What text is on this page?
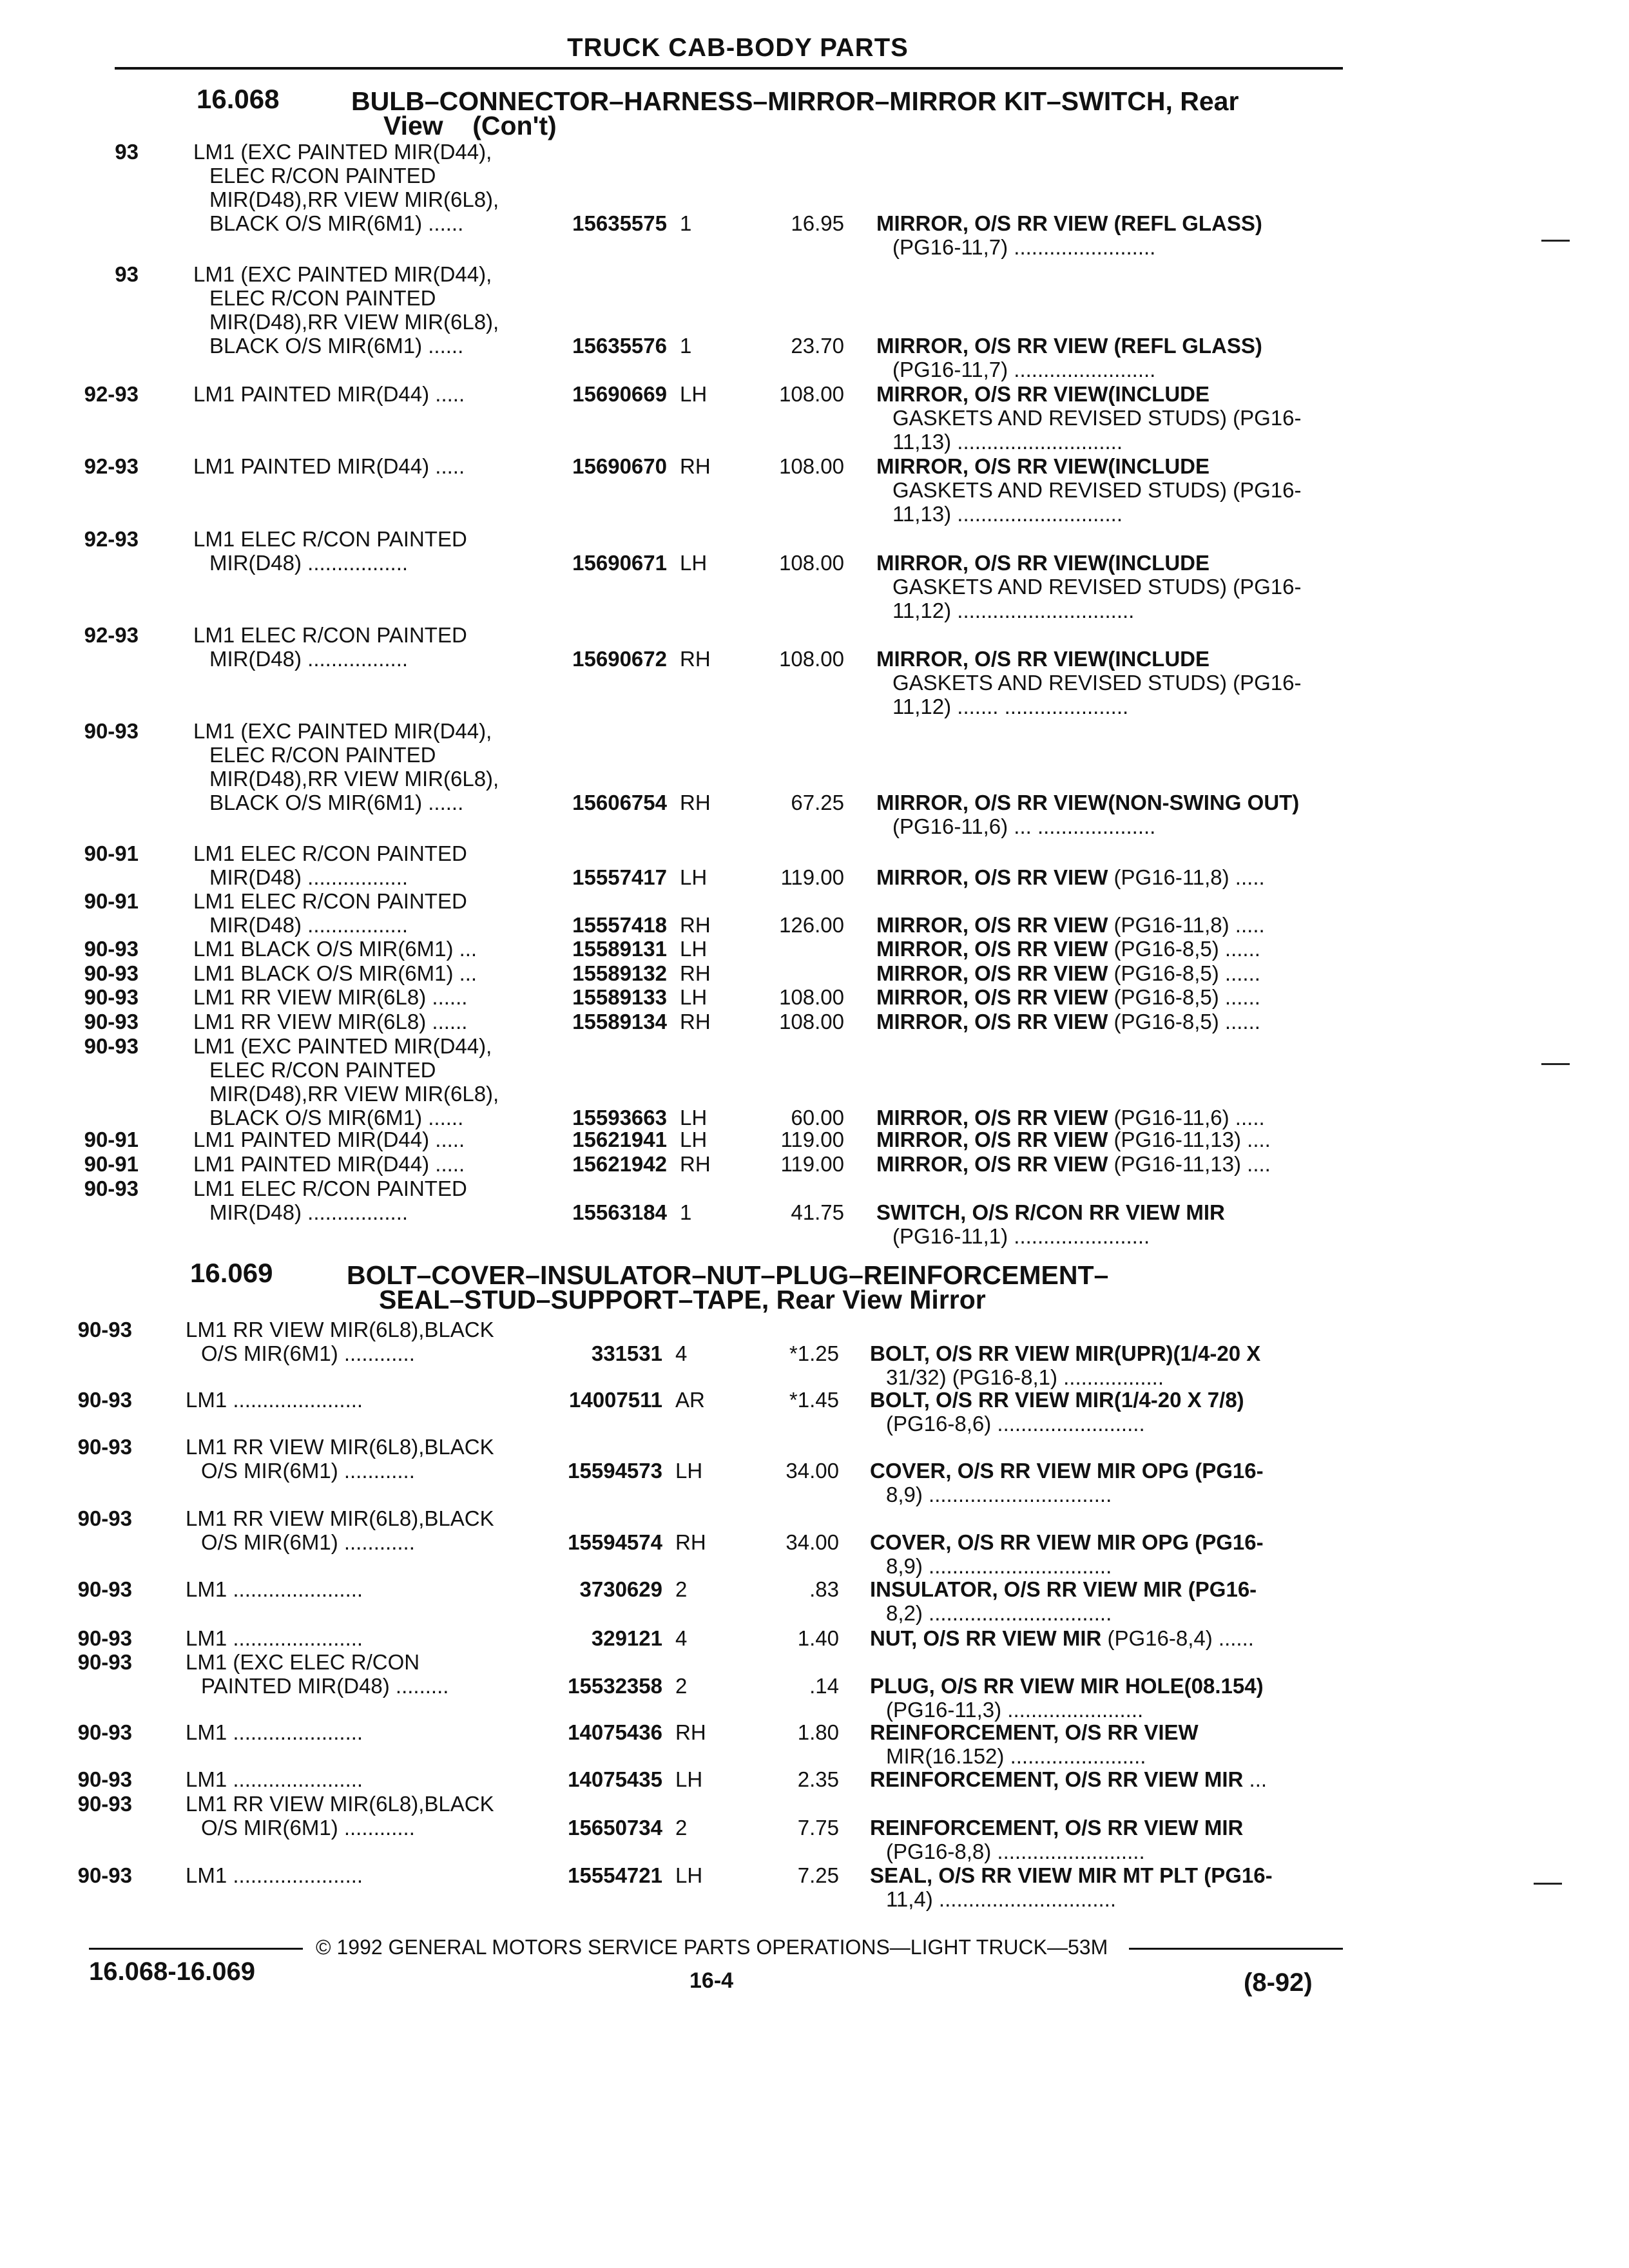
TRUCK CAB-BODY PARTS
16.068	BULB–CONNECTOR–HARNESS–MIRROR–MIRROR KIT–SWITCH, Rear
View    (Con't)
93	LM1 (EXC PAINTED MIR(D44),
ELEC R/CON PAINTED
MIR(D48),RR VIEW MIR(6L8),
BLACK O/S MIR(6M1) ......	15635575 1	16.95 MIRROR, O/S RR VIEW (REFL GLASS)
(PG16-11,7) ........................
93	LM1 (EXC PAINTED MIR(D44),
ELEC R/CON PAINTED
MIR(D48),RR VIEW MIR(6L8),
BLACK O/S MIR(6M1) ......	15635576 1	23.70 MIRROR, O/S RR VIEW (REFL GLASS)
(PG16-11,7) ........................
92-93	LM1 PAINTED MIR(D44) .....	15690669 LH	108.00 MIRROR, O/S RR VIEW(INCLUDE
GASKETS AND REVISED STUDS) (PG16-
11,13) ............................
92-93	LM1 PAINTED MIR(D44) .....	15690670 RH	108.00 MIRROR, O/S RR VIEW(INCLUDE
GASKETS AND REVISED STUDS) (PG16-
11,13) ............................
92-93	LM1 ELEC R/CON PAINTED
MIR(D48) .................	15690671 LH	108.00 MIRROR, O/S RR VIEW(INCLUDE
GASKETS AND REVISED STUDS) (PG16-
11,12) ..............................
92-93	LM1 ELEC R/CON PAINTED
MIR(D48) .................	15690672 RH	108.00 MIRROR, O/S RR VIEW(INCLUDE
GASKETS AND REVISED STUDS) (PG16-
11,12) ....... .....................
90-93	LM1 (EXC PAINTED MIR(D44),
ELEC R/CON PAINTED
MIR(D48),RR VIEW MIR(6L8),
BLACK O/S MIR(6M1) ......	15606754 RH	67.25 MIRROR, O/S RR VIEW(NON-SWING OUT)
(PG16-11,6) ... ....................
90-91	LM1 ELEC R/CON PAINTED
MIR(D48) .................	15557417 LH	119.00 MIRROR, O/S RR VIEW (PG16-11,8) .....
90-91	LM1 ELEC R/CON PAINTED
MIR(D48) .................	15557418 RH	126.00 MIRROR, O/S RR VIEW (PG16-11,8) .....
90-93	LM1 BLACK O/S MIR(6M1) ...	15589131 LH	MIRROR, O/S RR VIEW (PG16-8,5) ......
90-93	LM1 BLACK O/S MIR(6M1) ...	15589132 RH	MIRROR, O/S RR VIEW (PG16-8,5) ......
90-93	LM1 RR VIEW MIR(6L8) ......	15589133 LH	108.00 MIRROR, O/S RR VIEW (PG16-8,5) ......
90-93	LM1 RR VIEW MIR(6L8) ......	15589134 RH	108.00 MIRROR, O/S RR VIEW (PG16-8,5) ......
90-93	LM1 (EXC PAINTED MIR(D44),
ELEC R/CON PAINTED
MIR(D48),RR VIEW MIR(6L8),
BLACK O/S MIR(6M1) ......	15593663 LH	60.00 MIRROR, O/S RR VIEW (PG16-11,6) .....
90-91	LM1 PAINTED MIR(D44) .....	15621941 LH	119.00 MIRROR, O/S RR VIEW (PG16-11,13) ....
90-91	LM1 PAINTED MIR(D44) .....	15621942 RH	119.00 MIRROR, O/S RR VIEW (PG16-11,13) ....
90-93	LM1 ELEC R/CON PAINTED
MIR(D48) .................	15563184 1	41.75 SWITCH, O/S R/CON RR VIEW MIR
(PG16-11,1) .......................
16.069	BOLT–COVER–INSULATOR–NUT–PLUG–REINFORCEMENT–
SEAL–STUD–SUPPORT–TAPE, Rear View Mirror
90-93	LM1 RR VIEW MIR(6L8),BLACK
O/S MIR(6M1) ............	331531 4	*1.25 BOLT, O/S RR VIEW MIR(UPR)(1/4-20 X
31/32) (PG16-8,1) .................
90-93	LM1 ......................	14007511 AR	*1.45 BOLT, O/S RR VIEW MIR(1/4-20 X 7/8)
(PG16-8,6) .........................
90-93	LM1 RR VIEW MIR(6L8),BLACK
O/S MIR(6M1) ............	15594573 LH	34.00 COVER, O/S RR VIEW MIR OPG (PG16-
8,9) ...............................
90-93	LM1 RR VIEW MIR(6L8),BLACK
O/S MIR(6M1) ............	15594574 RH	34.00 COVER, O/S RR VIEW MIR OPG (PG16-
8,9) ...............................
90-93	LM1 ......................	3730629 2	.83 INSULATOR, O/S RR VIEW MIR (PG16-
8,2) ...............................
90-93	LM1 ......................	329121 4	1.40 NUT, O/S RR VIEW MIR (PG16-8,4) ......
90-93	LM1 (EXC ELEC R/CON
PAINTED MIR(D48) .........	15532358 2	.14 PLUG, O/S RR VIEW MIR HOLE(08.154)
(PG16-11,3) .......................
90-93	LM1 ......................	14075436 RH	1.80 REINFORCEMENT, O/S RR VIEW
MIR(16.152) .......................
90-93	LM1 ......................	14075435 LH	2.35 REINFORCEMENT, O/S RR VIEW MIR ...
90-93	LM1 RR VIEW MIR(6L8),BLACK
O/S MIR(6M1) ............	15650734 2	7.75 REINFORCEMENT, O/S RR VIEW MIR
(PG16-8,8) .........................
90-93	LM1 ......................	15554721 LH	7.25 SEAL, O/S RR VIEW MIR MT PLT (PG16-
11,4) ..............................
© 1992 GENERAL MOTORS SERVICE PARTS OPERATIONS—LIGHT TRUCK—53M
16.068-16.069	16-4	(8-92)
